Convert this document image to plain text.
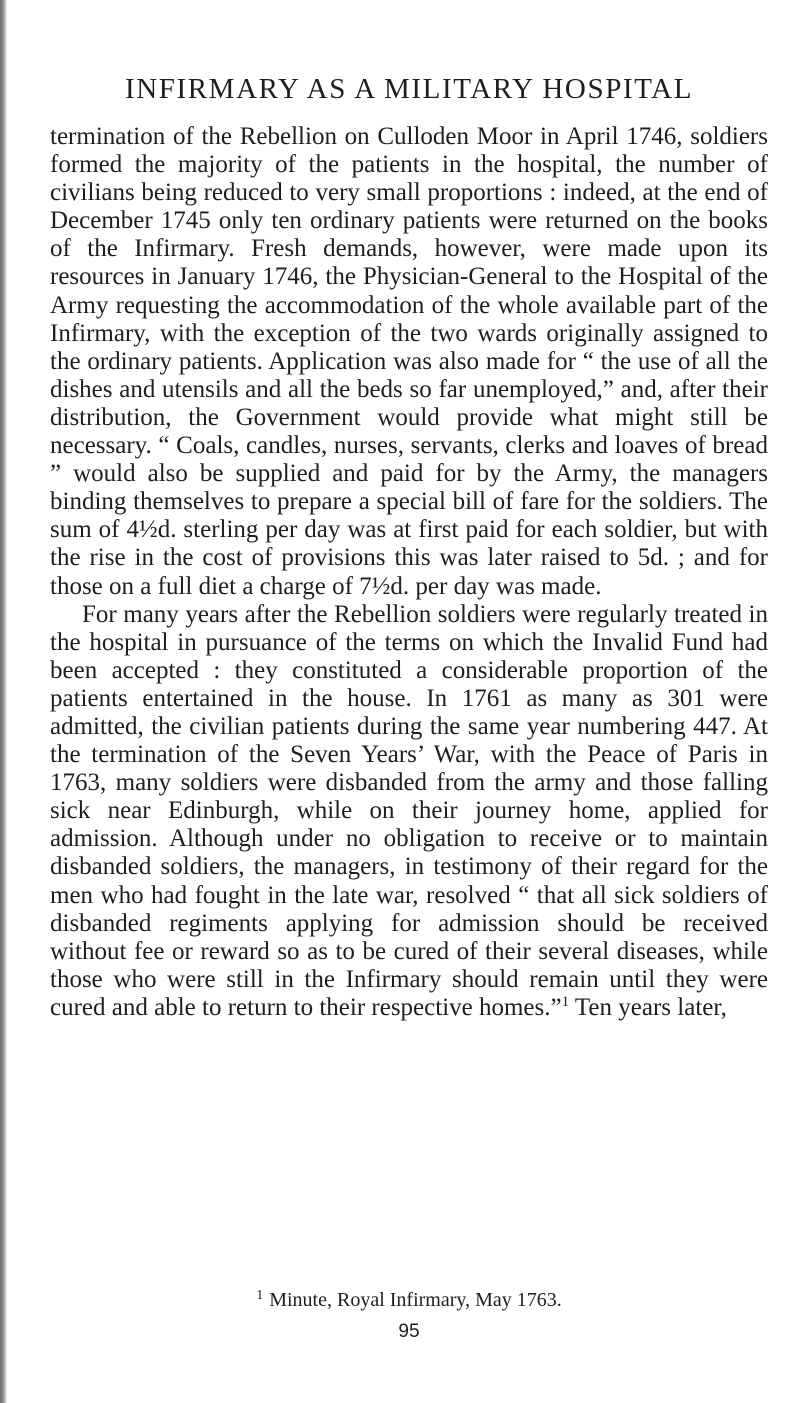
INFIRMARY AS A MILITARY HOSPITAL

termination of the Rebellion on Culloden Moor in April 1746, soldiers formed the majority of the patients in the hospital, the number of civilians being reduced to very small proportions : indeed, at the end of December 1745 only ten ordinary patients were returned on the books of the Infirmary. Fresh demands, however, were made upon its resources in January 1746, the Physician-General to the Hospital of the Army requesting the accommodation of the whole available part of the Infirmary, with the exception of the two wards originally assigned to the ordinary patients. Application was also made for “ the use of all the dishes and utensils and all the beds so far unemployed,” and, after their distribution, the Government would provide what might still be necessary. “ Coals, candles, nurses, servants, clerks and loaves of bread ” would also be supplied and paid for by the Army, the managers binding themselves to prepare a special bill of fare for the soldiers. The sum of 4½d. sterling per day was at first paid for each soldier, but with the rise in the cost of provisions this was later raised to 5d. ; and for those on a full diet a charge of 7½d. per day was made.

For many years after the Rebellion soldiers were regularly treated in the hospital in pursuance of the terms on which the Invalid Fund had been accepted : they constituted a considerable proportion of the patients entertained in the house. In 1761 as many as 301 were admitted, the civilian patients during the same year numbering 447. At the termination of the Seven Years’ War, with the Peace of Paris in 1763, many soldiers were disbanded from the army and those falling sick near Edinburgh, while on their journey home, applied for admission. Although under no obligation to receive or to maintain disbanded soldiers, the managers, in testimony of their regard for the men who had fought in the late war, resolved “ that all sick soldiers of disbanded regiments applying for admission should be received without fee or reward so as to be cured of their several diseases, while those who were still in the Infirmary should remain until they were cured and able to return to their respective homes.”$^1$ Ten years later,

$^1$ Minute, Royal Infirmary, May 1763.
95
